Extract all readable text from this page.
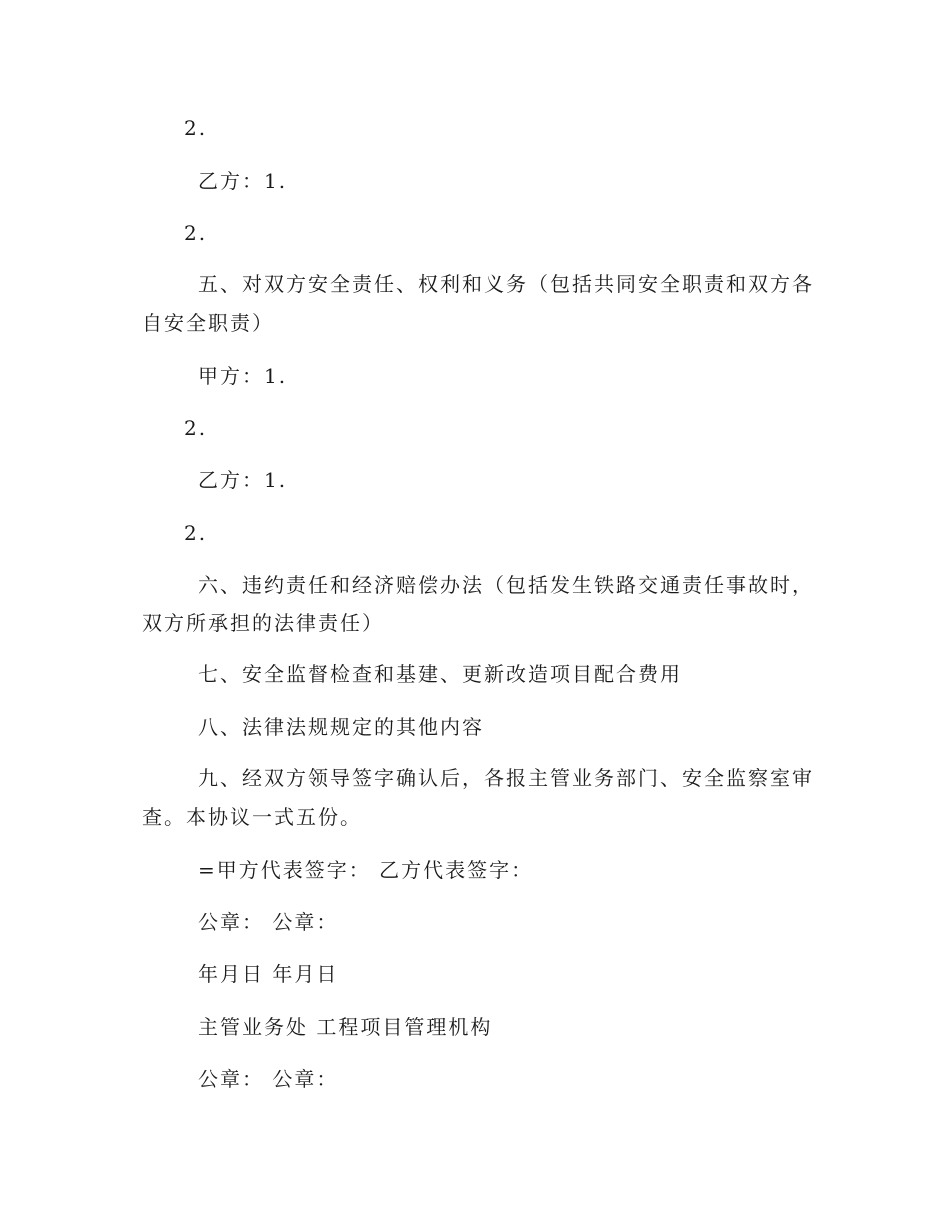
2.
乙方：1.
2.
五、对双方安全责任、权利和义务（包括共同安全职责和双方各
自安全职责）
甲方：1.
2.
乙方：1.
2.
六、违约责任和经济赔偿办法（包括发生铁路交通责任事故时，
双方所承担的法律责任）
七、安全监督检查和基建、更新改造项目配合费用
八、法律法规规定的其他内容
九、经双方领导签字确认后，各报主管业务部门、安全监察室审
查。本协议一式五份。
=甲方代表签字： 乙方代表签字：
公章： 公章：
年月日 年月日
主管业务处 工程项目管理机构
公章： 公章：
